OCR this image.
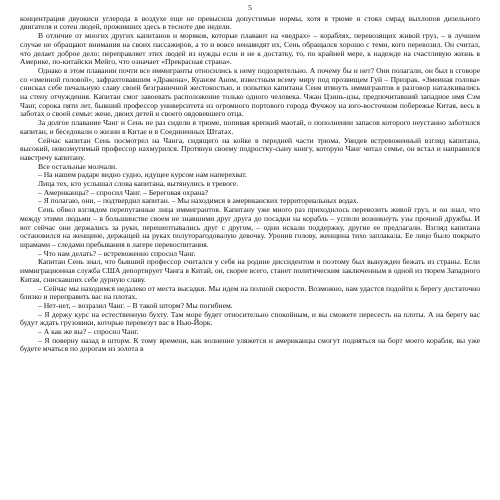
5

концентрация двуокиси углерода в воздухе еще не превысила допустимые нормы, хотя в трюме и стоял смрад выхлопов дизельного двигателя и сотен людей, проживших здесь в тесноте две недели.

В отличие от многих других капитанов и моряков, которые плавают на «ведрах» – кораблях, перевозящих живой груз, – в лучшем случае не обращают внимания на своих пассажиров, а то и вовсе ненавидят их, Сень обращался хорошо с теми, кого перевозил. Он считал, что делает доброе дело: переправляет этих людей из нужды если и не к достатку, то, по крайней мере, к надежде на счастливую жизнь в Америке, по-китайски Мейго, что означает «Прекрасная страна».

Однако в этом плавании почти все иммигранты относились к нему подозрительно. А почему бы и нет? Они полагали, он был в сговоре со «змеиной головой», зафрахтовавшим «Дракона», Куаном Аном, известным всему миру под прозвищем Гуй – Призрак. «Змеиная голова» снискал себе печальную славу своей безграничной жестокостью, и попытки капитана Сеня втянуть иммигрантов в разговор наталкивались на стену отчуждения. Капитан смог завоевать расположение только одного человека. Чжан Цзинь-цзы, предпочитавший западное имя Сэм Чанг, сорока пяти лет, бывший профессор университета из огромного портового города Фучжоу на юго-восточном побережье Китая, весь в заботах о своей семье: жене, двоих детей и своего овдовевшего отца.

За долгое плавание Чанг и Сень не раз сидели в трюме, попивая крепкий маотай, о пополнении запасов которого неустанно заботился капитан, и беседовали о жизни в Китае и в Соединенных Штатах.

Сейчас капитан Сень посмотрел на Чанга, сидящего на койке в передней части трюма. Увидев встревоженный взгляд капитана, высокий, невозмутимый профессор нахмурился. Протянув своему подростку-сыну книгу, которую Чанг читал семье, он встал и направился навстречу капитану.

Все остальные молчали.

– На нашем радаре видно судно, идущее курсом нам наперехват.

Лица тех, кто услышал слова капитана, вытянулись в тревоге.

– Американцы? – спросил Чанг. – Береговая охрана?

– Я полагаю, они, – подтвердил капитан. – Мы находимся в американских территориальных водах.

Сень обвел взглядом перепуганные лица иммигрантов. Капитану уже много раз приходилось перевозить живой груз, и он знал, что между этими людьми – в большинстве своем не знавшими друг друга до посадки на корабль – успели возникнуть узы прочной дружбы. И вот сейчас они держались за руки, перешептывались друг с другом, – одни искали поддержку, другие ее предлагали. Взгляд капитана остановился на женщине, держащей на руках полуторагодовалую девочку. Уронив голову, женщина тихо заплакала. Ее лицо было покрыто шрамами – следами пребывания в лагере перевоспитания.

– Что нам делать? – встревоженно спросил Чанг.

Капитан Сень знал, что бывший профессор считался у себя на родине диссидентом и поэтому был вынужден бежать из страны. Если иммиграционная служба США депортирует Чанга в Китай, он, скорее всего, станет политическим заключенным в одной из тюрем Западного Китая, снискавших себе дурную славу.

– Сейчас мы находимся недалеко от места высадки. Мы идем на полной скорости. Возможно, нам удастся подойти к берегу достаточно близко и переправить вас на плотах.

– Нет-нет, – возразил Чанг. – В такой шторм? Мы погибнем.

– Я держу курс на естественную бухту. Там море будет относительно спокойным, и вы сможете пересесть на плоты. А на берегу вас будут ждать грузовики, которые перевезут вас в Нью-Йорк.

– А как же вы? – спросил Чанг.

– Я поверну назад в шторм. К тому времени, как волнение уляжется и американцы смогут подняться на борт моего корабля, вы уже будете мчаться по дорогам из золота в
